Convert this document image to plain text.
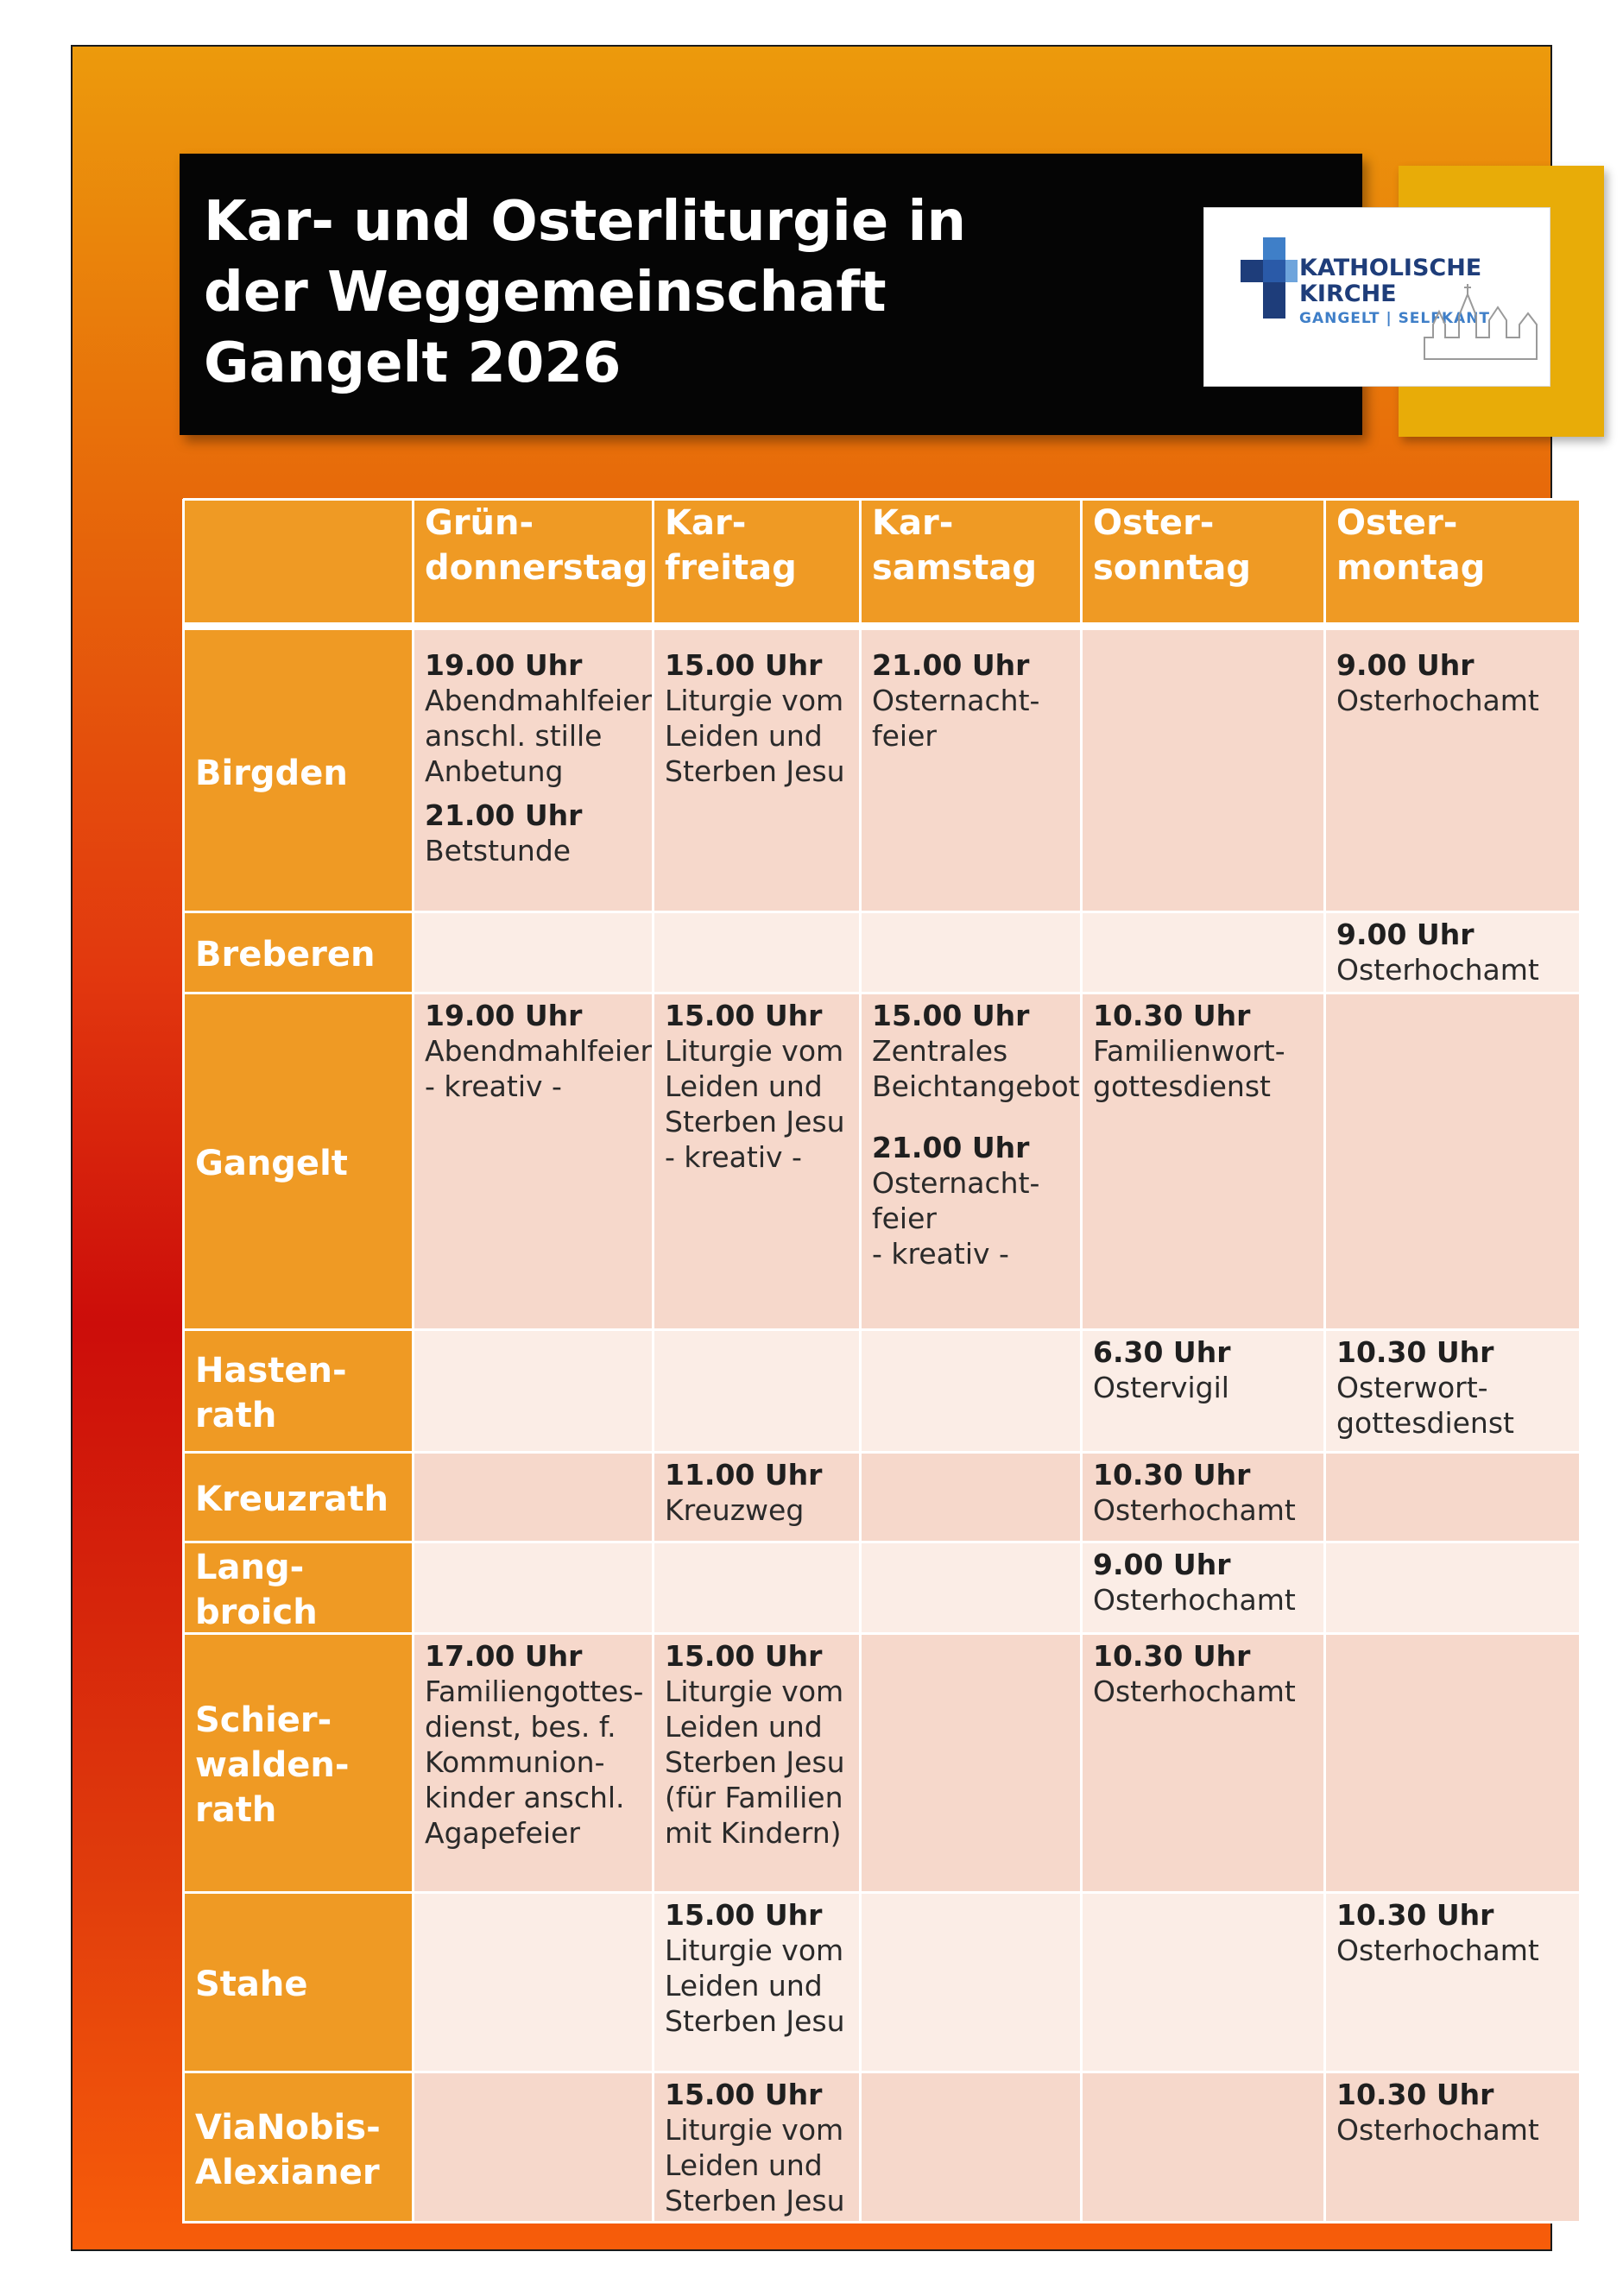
Kar- und Osterliturgie in
der Weggemeinschaft
Gangelt 2026
KATHOLISCHE
KIRCHE
GANGELT | SELFKANT
Grün-
donnerstag
Kar-
freitag
Kar-
samstag
Oster-
sonntag
Oster-
montag
Birgden
19.00 Uhr
Abendmahlfeier
anschl. stille
Anbetung
21.00 Uhr
Betstunde
15.00 Uhr
Liturgie vom
Leiden und
Sterben Jesu
21.00 Uhr
Osternacht-
feier
9.00 Uhr
Osterhochamt
Breberen
9.00 Uhr
Osterhochamt
Gangelt
19.00 Uhr
Abendmahlfeier
- kreativ -
15.00 Uhr
Liturgie vom
Leiden und
Sterben Jesu
- kreativ -
15.00 Uhr
Zentrales
Beichtangebot
21.00 Uhr
Osternacht-
feier
- kreativ -
10.30 Uhr
Familienwort-
gottesdienst
Hasten-
rath
6.30 Uhr
Ostervigil
10.30 Uhr
Osterwort-
gottesdienst
Kreuzrath
11.00 Uhr
Kreuzweg
10.30 Uhr
Osterhochamt
Lang-
broich
9.00 Uhr
Osterhochamt
Schier-
walden-
rath
17.00 Uhr
Familiengottes-
dienst, bes. f.
Kommunion-
kinder anschl.
Agapefeier
15.00 Uhr
Liturgie vom
Leiden und
Sterben Jesu
(für Familien
mit Kindern)
10.30 Uhr
Osterhochamt
Stahe
15.00 Uhr
Liturgie vom
Leiden und
Sterben Jesu
10.30 Uhr
Osterhochamt
ViaNobis-
Alexianer
15.00 Uhr
Liturgie vom
Leiden und
Sterben Jesu
10.30 Uhr
Osterhochamt
